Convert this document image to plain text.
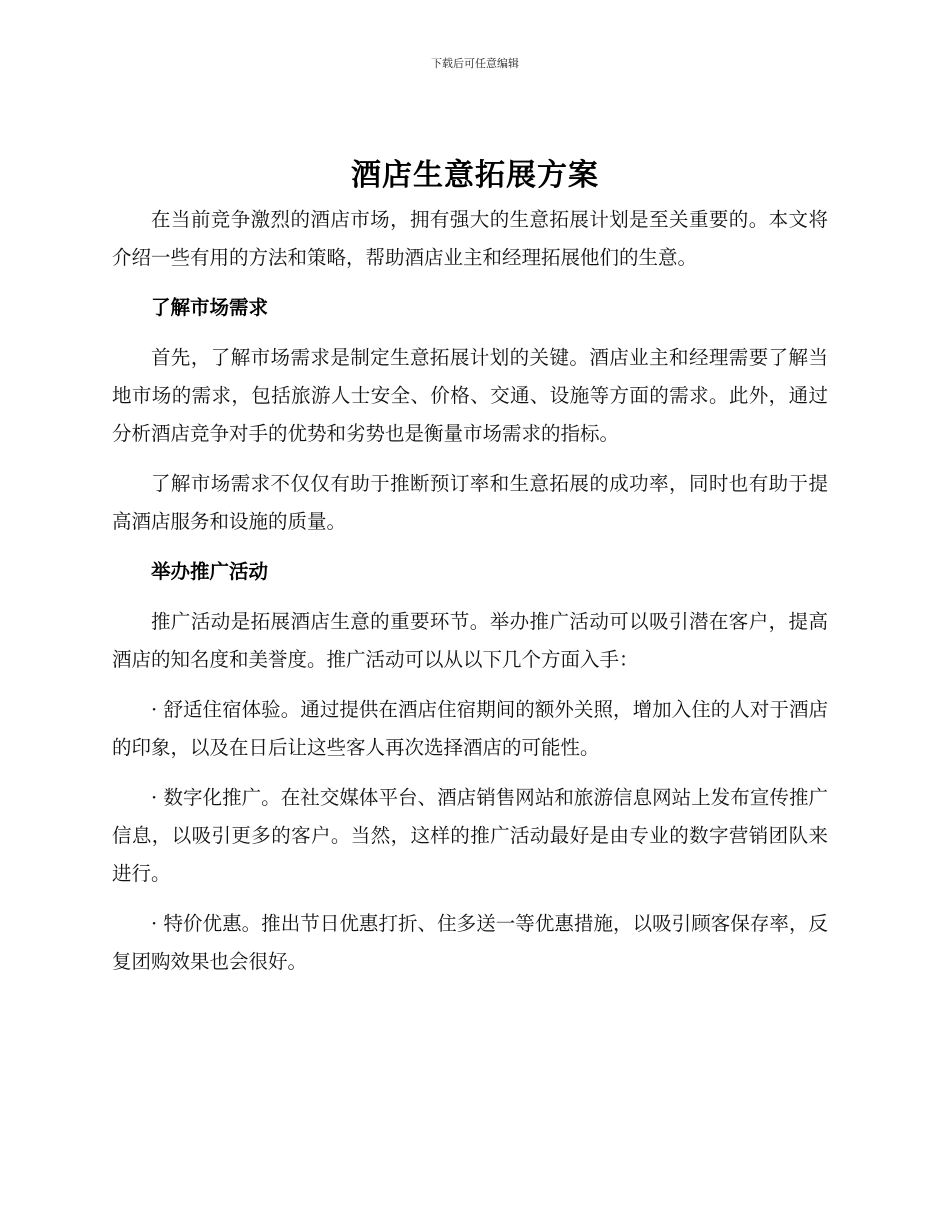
下载后可任意编辑
酒店生意拓展方案

在当前竞争激烈的酒店市场，拥有强大的生意拓展计划是至关重要的。本文将介绍一些有用的方法和策略，帮助酒店业主和经理拓展他们的生意。

了解市场需求

首先，了解市场需求是制定生意拓展计划的关键。酒店业主和经理需要了解当地市场的需求，包括旅游人士安全、价格、交通、设施等方面的需求。此外，通过分析酒店竞争对手的优势和劣势也是衡量市场需求的指标。

了解市场需求不仅仅有助于推断预订率和生意拓展的成功率，同时也有助于提高酒店服务和设施的质量。

举办推广活动

推广活动是拓展酒店生意的重要环节。举办推广活动可以吸引潜在客户，提高酒店的知名度和美誉度。推广活动可以从以下几个方面入手：

· 舒适住宿体验。通过提供在酒店住宿期间的额外关照，增加入住的人对于酒店的印象，以及在日后让这些客人再次选择酒店的可能性。

· 数字化推广。在社交媒体平台、酒店销售网站和旅游信息网站上发布宣传推广信息，以吸引更多的客户。当然，这样的推广活动最好是由专业的数字营销团队来进行。

· 特价优惠。推出节日优惠打折、住多送一等优惠措施，以吸引顾客保存率，反复团购效果也会很好。
